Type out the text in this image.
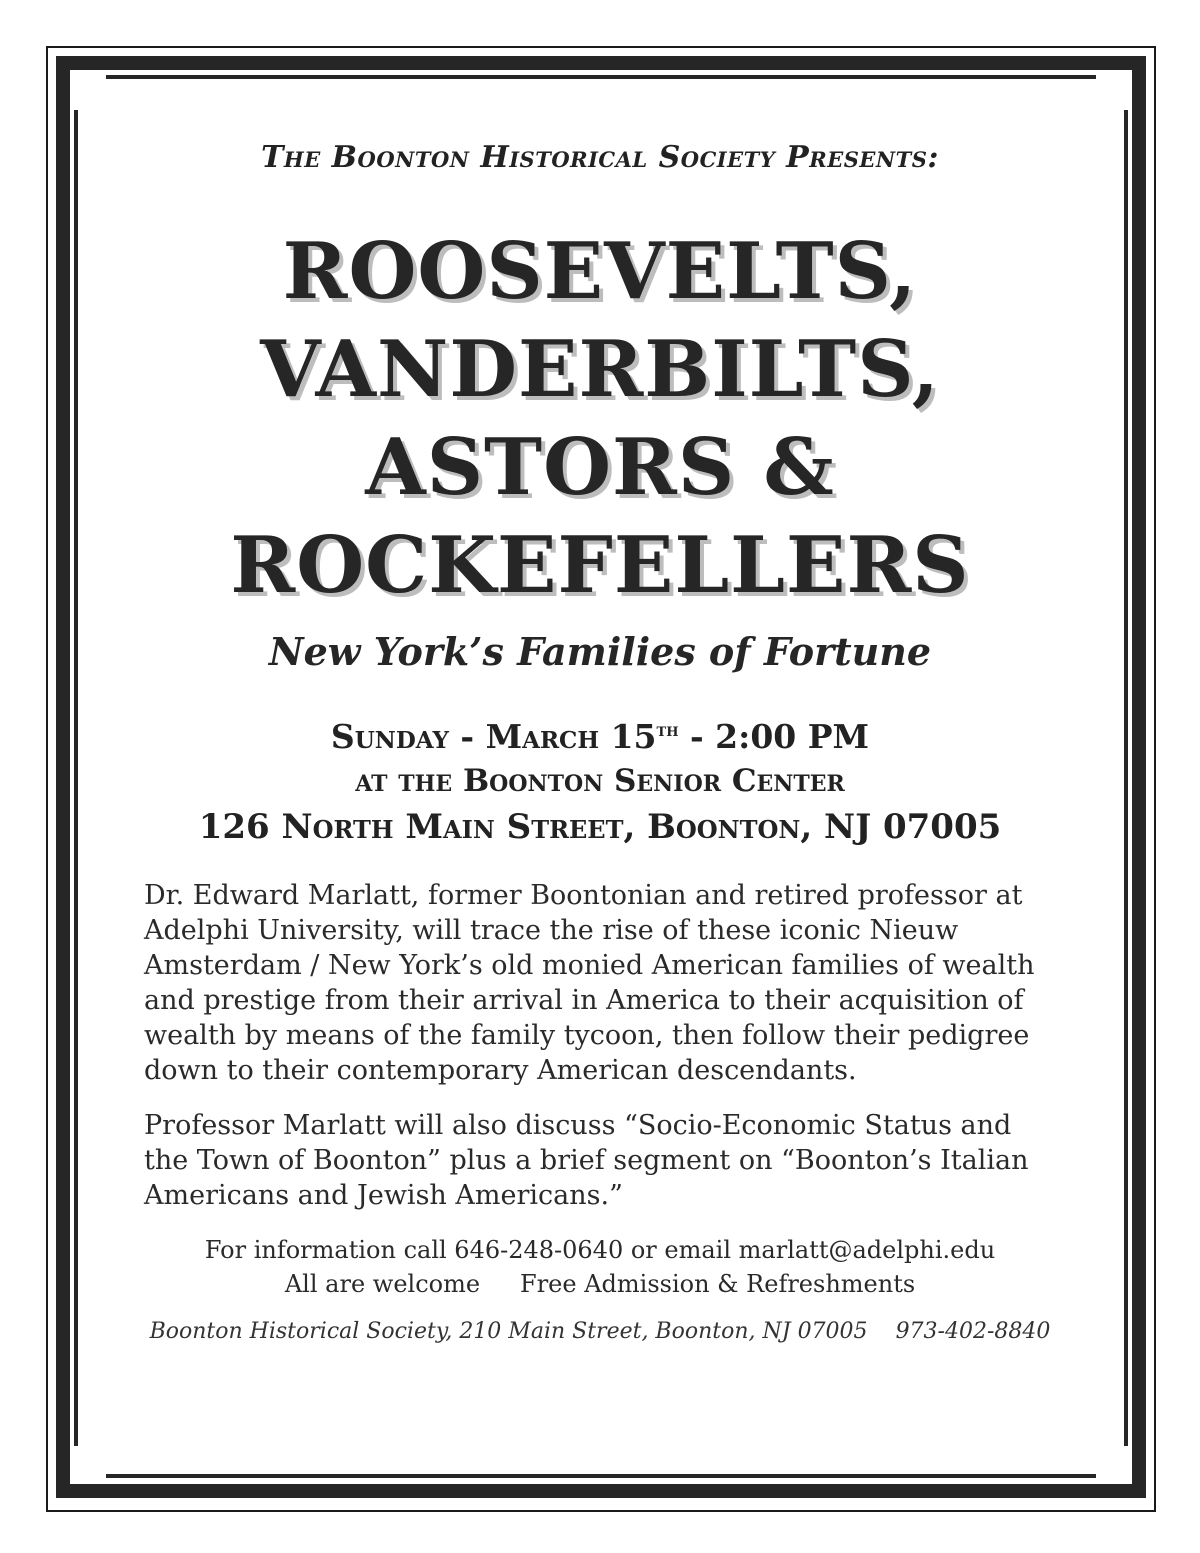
The Boonton Historical Society Presents:

ROOSEVELTS,
VANDERBILTS,
ASTORS &
ROCKEFELLERS

New York’s Families of Fortune

Sunday - March 15th - 2:00 PM
at the Boonton Senior Center
126 North Main Street, Boonton, NJ 07005

Dr. Edward Marlatt, former Boontonian and retired professor at Adelphi University, will trace the rise of these iconic Nieuw Amsterdam / New York’s old monied American families of wealth and prestige from their arrival in America to their acquisition of wealth by means of the family tycoon, then follow their pedigree down to their contemporary American descendants.

Professor Marlatt will also discuss “Socio-Economic Status and the Town of Boonton” plus a brief segment on “Boonton’s Italian Americans and Jewish Americans.”

For information call 646-248-0640 or email marlatt@adelphi.edu
All are welcome Free Admission & Refreshments
Boonton Historical Society, 210 Main Street, Boonton, NJ 07005 973-402-8840
